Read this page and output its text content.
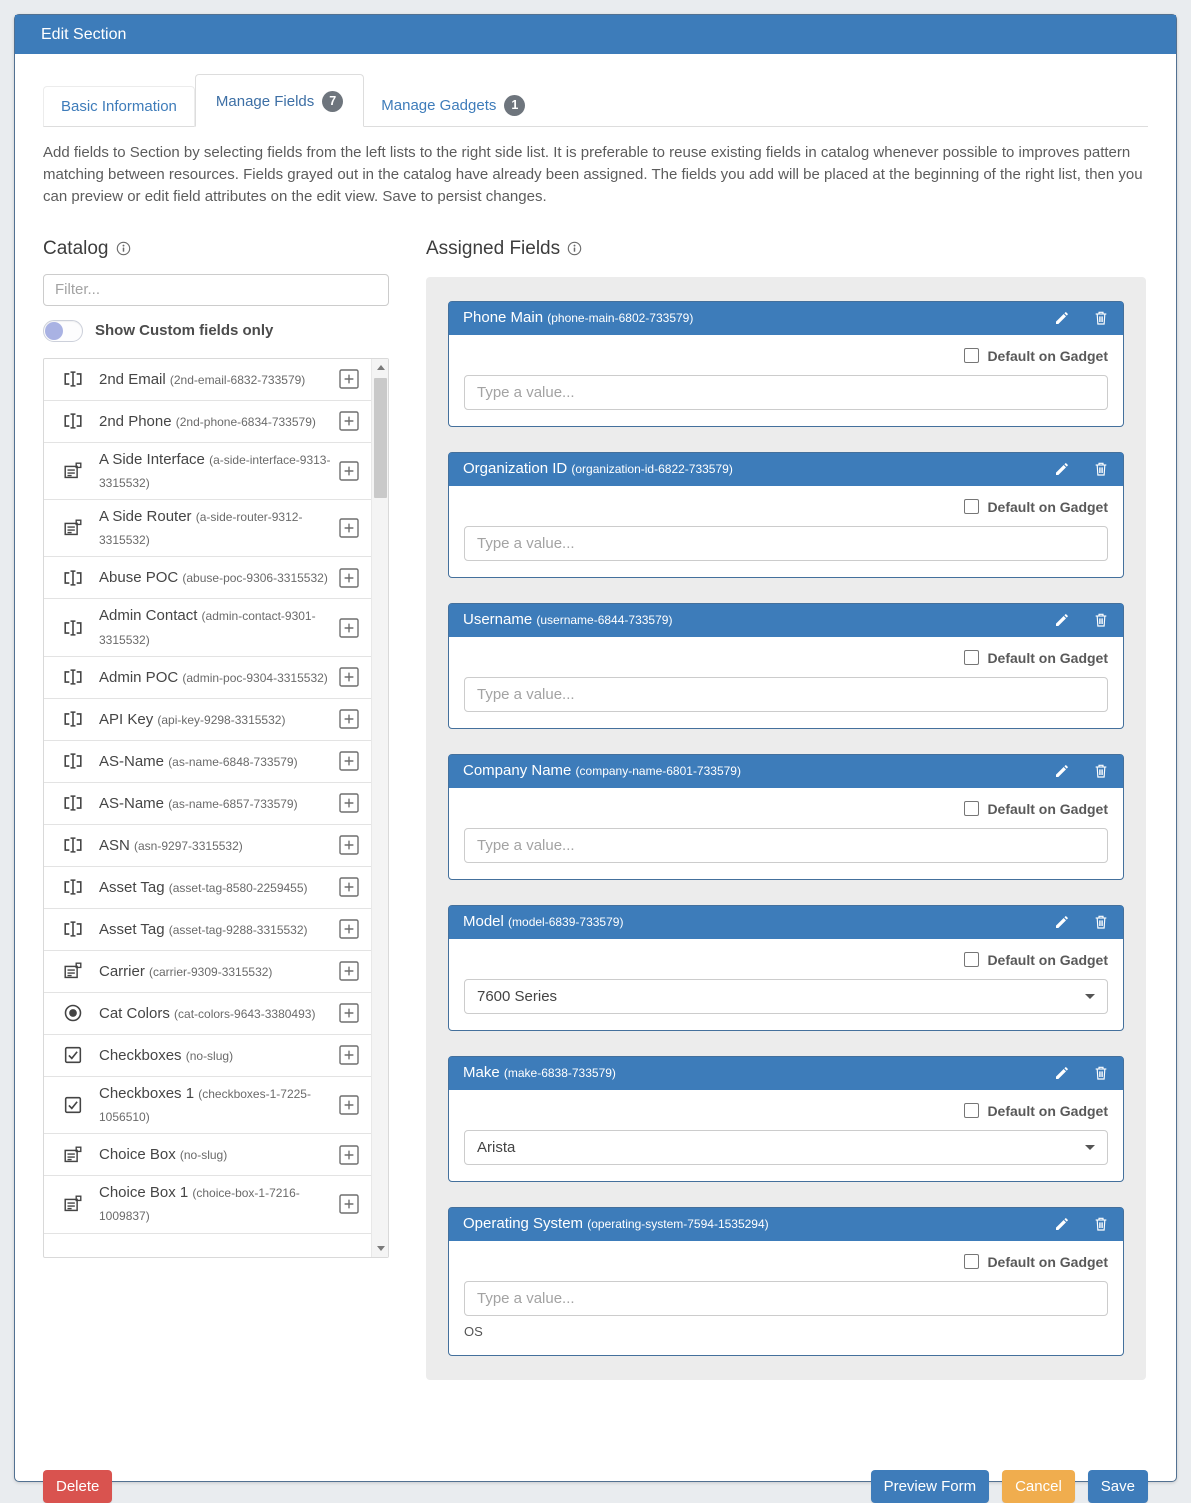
Edit Section
Basic Information	Manage Fields	7	Manage Gadgets	1

Add fields to Section by selecting fields from the left lists to the right side list. It is preferable to reuse existing fields in catalog whenever possible to improves pattern matching between resources. Fields grayed out in the catalog have already been assigned. The fields you add will be placed at the beginning of the right list, then you can preview or edit field attributes on the edit view. Save to persist changes.

Catalog
Filter...
Show Custom fields only
2nd Email (2nd-email-6832-733579)
2nd Phone (2nd-phone-6834-733579)
A Side Interface (a-side-interface-9313-3315532)
A Side Router (a-side-router-9312-3315532)
Abuse POC (abuse-poc-9306-3315532)
Admin Contact (admin-contact-9301-3315532)
Admin POC (admin-poc-9304-3315532)
API Key (api-key-9298-3315532)
AS-Name (as-name-6848-733579)
AS-Name (as-name-6857-733579)
ASN (asn-9297-3315532)
Asset Tag (asset-tag-8580-2259455)
Asset Tag (asset-tag-9288-3315532)
Carrier (carrier-9309-3315532)
Cat Colors (cat-colors-9643-3380493)
Checkboxes (no-slug)
Checkboxes 1 (checkboxes-1-7225-1056510)
Choice Box (no-slug)
Choice Box 1 (choice-box-1-7216-1009837)
Assigned Fields
Phone Main (phone-main-6802-733579)
Default on Gadget
Type a value...
Organization ID (organization-id-6822-733579)
Default on Gadget
Type a value...
Username (username-6844-733579)
Default on Gadget
Type a value...
Company Name (company-name-6801-733579)
Default on Gadget
Type a value...
Model (model-6839-733579)
Default on Gadget
7600 Series
Make (make-6838-733579)
Default on Gadget
Arista
Operating System (operating-system-7594-1535294)
Default on Gadget
Type a value...
OS
Delete	Preview Form	Cancel	Save
